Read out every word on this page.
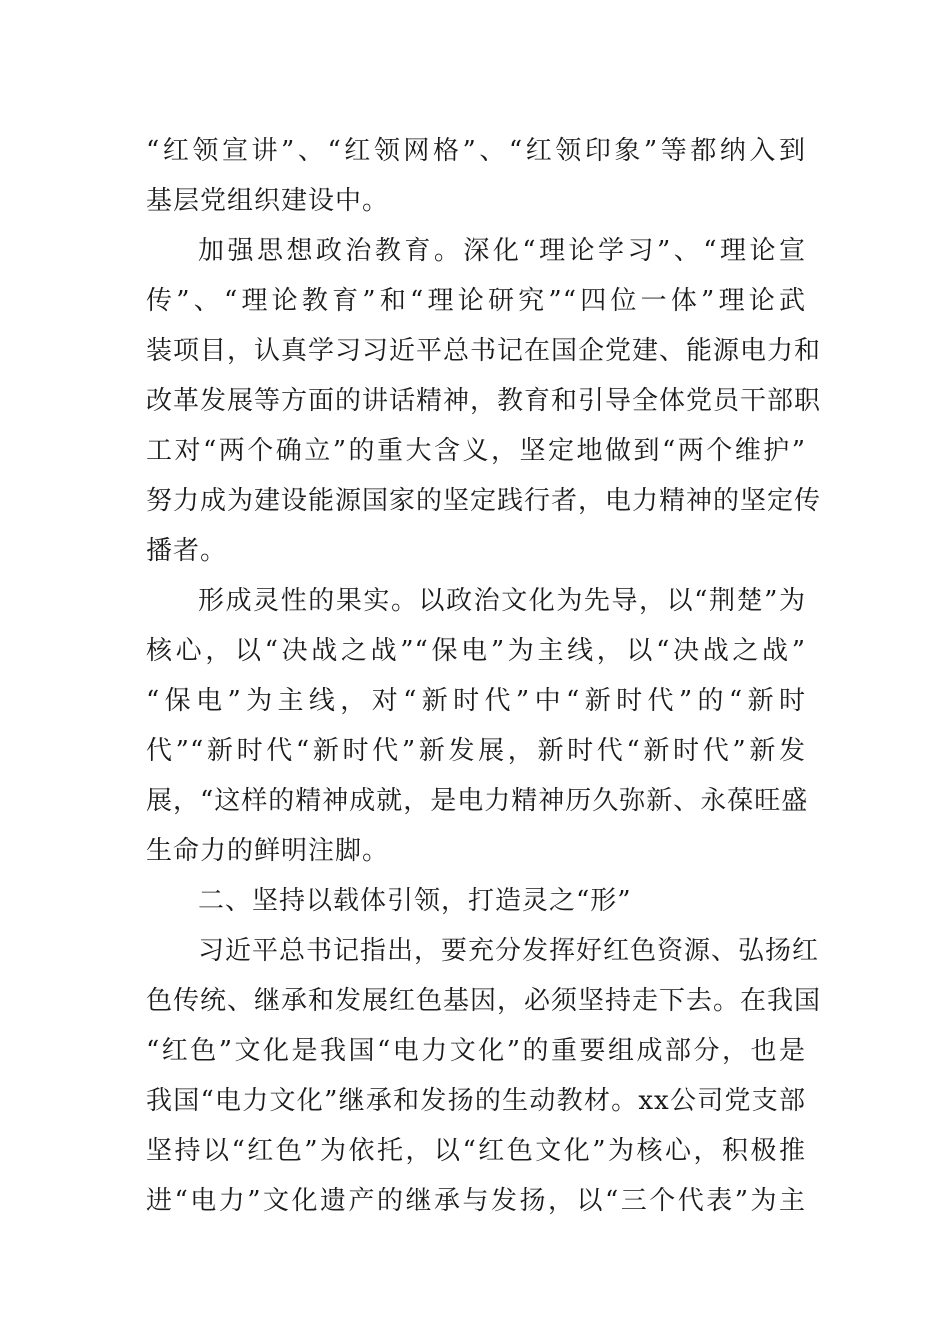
“红领宣讲”、“红领网格”、“红领印象”等都纳入到
基层党组织建设中。
加强思想政治教育。深化“理论学习”、“理论宣
传”、“理论教育”和“理论研究”“四位一体”理论武
装项目，认真学习习近平总书记在国企党建、能源电力和
改革发展等方面的讲话精神，教育和引导全体党员干部职
工对“两个确立”的重大含义，坚定地做到“两个维护”
努力成为建设能源国家的坚定践行者，电力精神的坚定传
播者。
形成灵性的果实。以政治文化为先导，以“荆楚”为
核心，以“决战之战”“保电”为主线，以“决战之战”
“保电”为主线，对“新时代”中“新时代”的“新时
代”“新时代“新时代”新发展，新时代“新时代”新发
展，“这样的精神成就，是电力精神历久弥新、永葆旺盛
生命力的鲜明注脚。
二、坚持以载体引领，打造灵之“形”
习近平总书记指出，要充分发挥好红色资源、弘扬红
色传统、继承和发展红色基因，必须坚持走下去。在我国
“红色”文化是我国“电力文化”的重要组成部分，也是
我国“电力文化”继承和发扬的生动教材。xx公司党支部
坚持以“红色”为依托，以“红色文化”为核心，积极推
进“电力”文化遗产的继承与发扬，以“三个代表”为主
